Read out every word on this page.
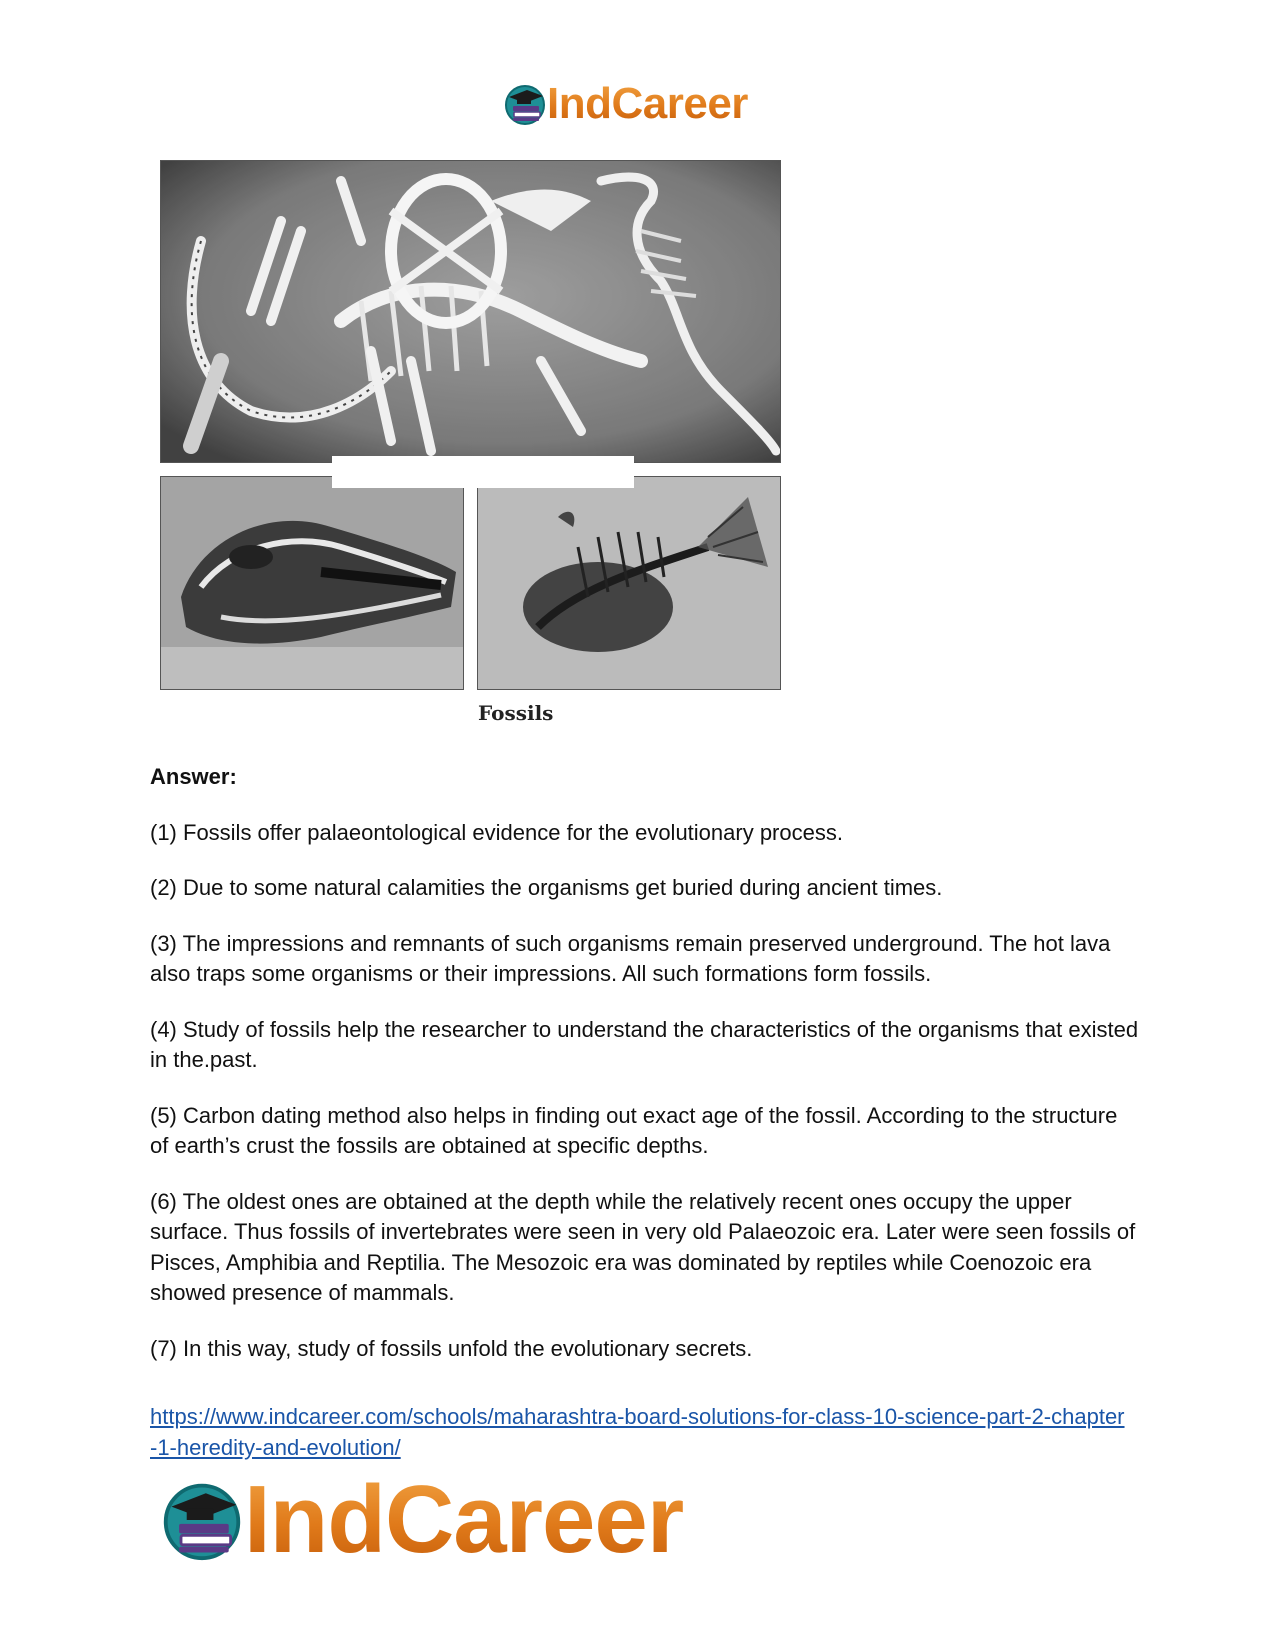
IndCareer
Fossils

Answer:

(1) Fossils offer palaeontological evidence for the evolutionary process.

(2) Due to some natural calamities the organisms get buried during ancient times.

(3) The impressions and remnants of such organisms remain preserved underground. The hot lava also traps some organisms or their impressions. All such formations form fossils.

(4) Study of fossils help the researcher to understand the characteristics of the organisms that existed in the.past.

(5) Carbon dating method also helps in finding out exact age of the fossil. According to the structure of earth’s crust the fossils are obtained at specific depths.

(6) The oldest ones are obtained at the depth while the relatively recent ones occupy the upper surface. Thus fossils of invertebrates were seen in very old Palaeozoic era. Later were seen fossils of Pisces, Amphibia and Reptilia. The Mesozoic era was dominated by reptiles while Coenozoic era showed presence of mammals.

(7) In this way, study of fossils unfold the evolutionary secrets.

https://www.indcareer.com/schools/maharashtra-board-solutions-for-class-10-science-part-2-chapter-1-heredity-and-evolution/
IndCareer
